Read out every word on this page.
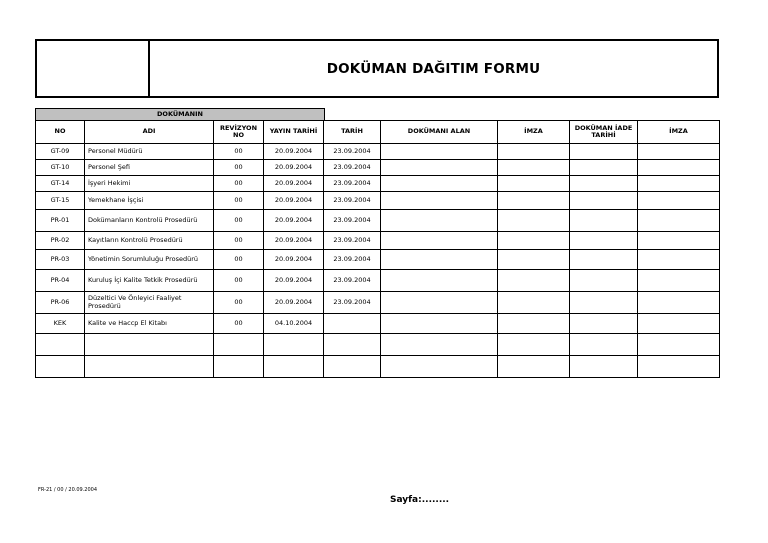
DOKÜMAN DAĞITIM FORMU
DOKÜMANIN
NO	ADI	REVİZYON NO	YAYIN TARİHİ	TARİH	DOKÜMANI ALAN	İMZA	DOKÜMAN İADE TARİHİ	İMZA
GT-09	Personel Müdürü	00	20.09.2004	23.09.2004				
GT-10	Personel Şefi	00	20.09.2004	23.09.2004				
GT-14	İşyeri Hekimi	00	20.09.2004	23.09.2004				
GT-15	Yemekhane İşçisi	00	20.09.2004	23.09.2004				
PR-01	Dokümanların Kontrolü Prosedürü	00	20.09.2004	23.09.2004				
PR-02	Kayıtların Kontrolü Prosedürü	00	20.09.2004	23.09.2004				
PR-03	Yönetimin Sorumluluğu Prosedürü	00	20.09.2004	23.09.2004				
PR-04	Kuruluş İçi Kalite Tetkik Prosedürü	00	20.09.2004	23.09.2004				
PR-06	Düzeltici Ve Önleyici Faaliyet Prosedürü	00	20.09.2004	23.09.2004				
KEK	Kalite ve Haccp El Kitabı	00	04.10.2004					

FR-21 / 00 / 20.09.2004
Sayfa:........
